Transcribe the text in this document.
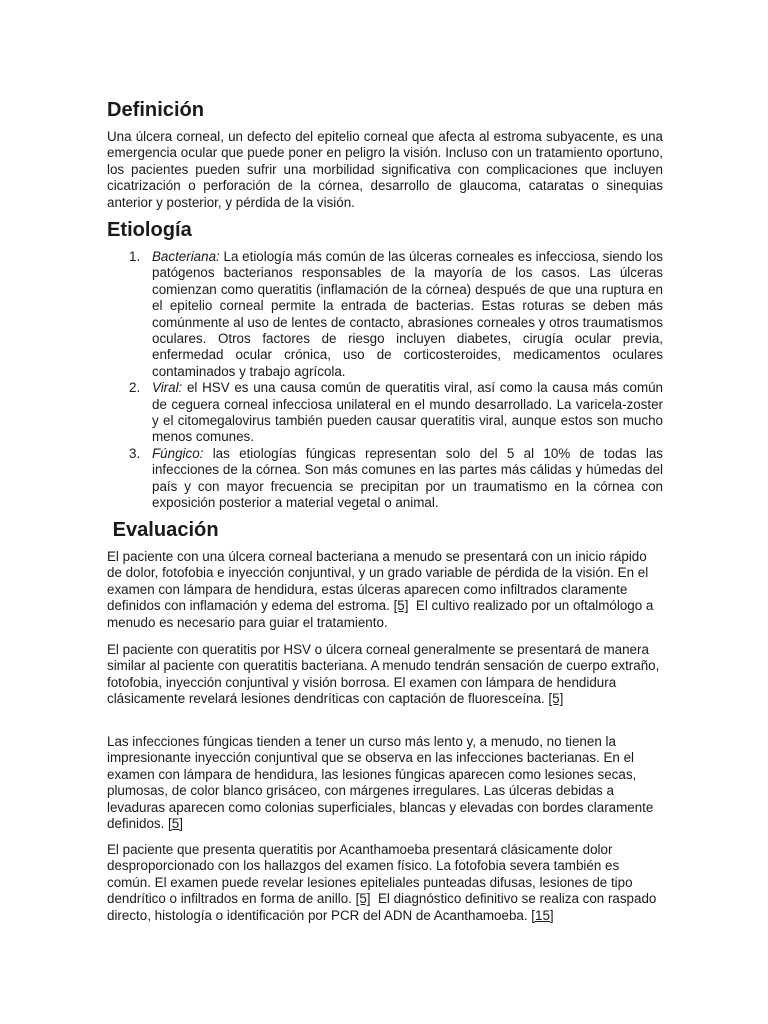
Definición

Una úlcera corneal, un defecto del epitelio corneal que afecta al estroma subyacente, es una emergencia ocular que puede poner en peligro la visión. Incluso con un tratamiento oportuno, los pacientes pueden sufrir una morbilidad significativa con complicaciones que incluyen cicatrización o perforación de la córnea, desarrollo de glaucoma, cataratas o sinequias anterior y posterior, y pérdida de la visión.

Etiología
1. Bacteriana: La etiología más común de las úlceras corneales es infecciosa, siendo los patógenos bacterianos responsables de la mayoría de los casos. Las úlceras comienzan como queratitis (inflamación de la córnea) después de que una ruptura en el epitelio corneal permite la entrada de bacterias. Estas roturas se deben más comúnmente al uso de lentes de contacto, abrasiones corneales y otros traumatismos oculares. Otros factores de riesgo incluyen diabetes, cirugía ocular previa, enfermedad ocular crónica, uso de corticosteroides, medicamentos oculares contaminados y trabajo agrícola.
2. Viral: el HSV es una causa común de queratitis viral, así como la causa más común de ceguera corneal infecciosa unilateral en el mundo desarrollado. La varicela-zoster y el citomegalovirus también pueden causar queratitis viral, aunque estos son mucho menos comunes.
3. Fúngico: las etiologías fúngicas representan solo del 5 al 10% de todas las infecciones de la córnea. Son más comunes en las partes más cálidas y húmedas del país y con mayor frecuencia se precipitan por un traumatismo en la córnea con exposición posterior a material vegetal o animal.
Evaluación

El paciente con una úlcera corneal bacteriana a menudo se presentará con un inicio rápido de dolor, fotofobia e inyección conjuntival, y un grado variable de pérdida de la visión. En el examen con lámpara de hendidura, estas úlceras aparecen como infiltrados claramente definidos con inflamación y edema del estroma. [5]  El cultivo realizado por un oftalmólogo a menudo es necesario para guiar el tratamiento.

El paciente con queratitis por HSV o úlcera corneal generalmente se presentará de manera similar al paciente con queratitis bacteriana. A menudo tendrán sensación de cuerpo extraño, fotofobia, inyección conjuntival y visión borrosa. El examen con lámpara de hendidura clásicamente revelará lesiones dendríticas con captación de fluoresceína. [5]

Las infecciones fúngicas tienden a tener un curso más lento y, a menudo, no tienen la impresionante inyección conjuntival que se observa en las infecciones bacterianas. En el examen con lámpara de hendidura, las lesiones fúngicas aparecen como lesiones secas, plumosas, de color blanco grisáceo, con márgenes irregulares. Las úlceras debidas a levaduras aparecen como colonias superficiales, blancas y elevadas con bordes claramente definidos. [5]

El paciente que presenta queratitis por Acanthamoeba presentará clásicamente dolor desproporcionado con los hallazgos del examen físico. La fotofobia severa también es común. El examen puede revelar lesiones epiteliales punteadas difusas, lesiones de tipo dendrítico o infiltrados en forma de anillo. [5]  El diagnóstico definitivo se realiza con raspado directo, histología o identificación por PCR del ADN de Acanthamoeba. [15]
